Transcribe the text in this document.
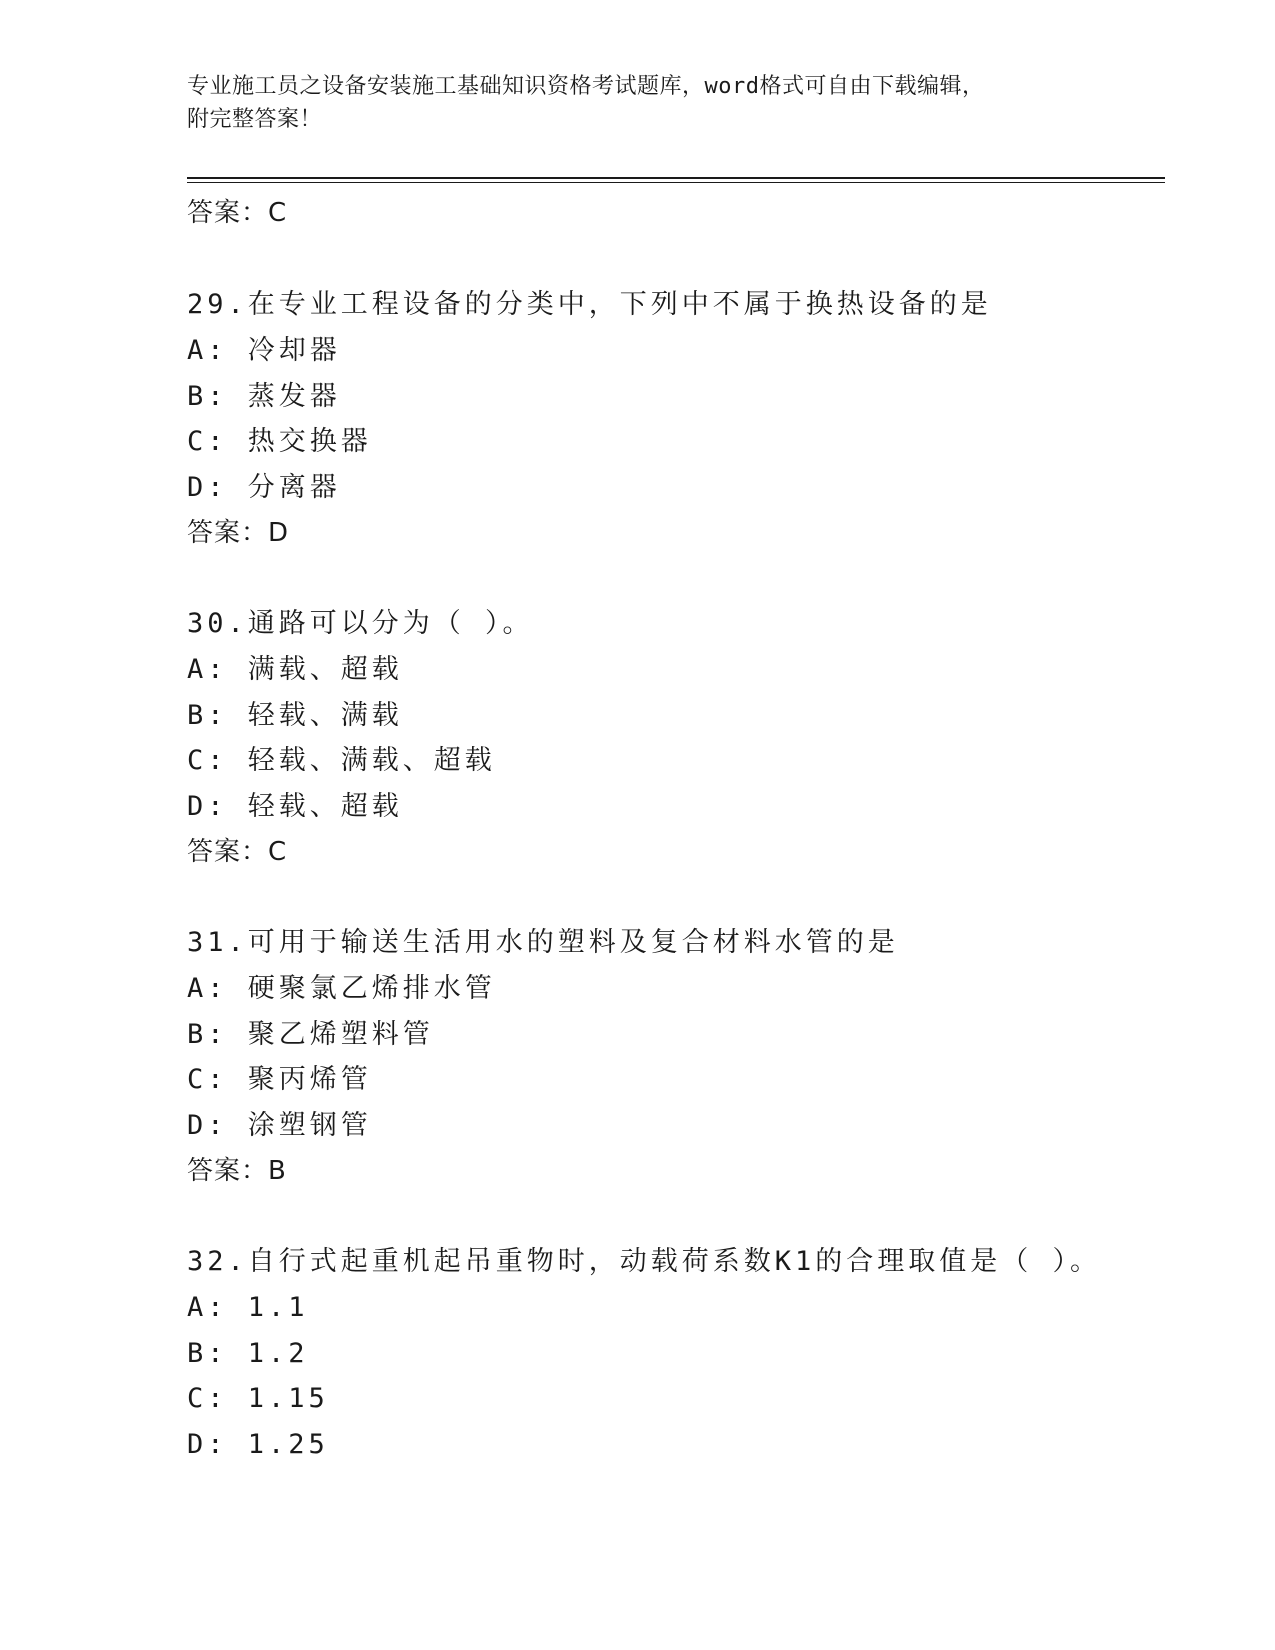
专业施工员之设备安装施工基础知识资格考试题库，word格式可自由下载编辑，
附完整答案！
答案：C
29.在专业工程设备的分类中，下列中不属于换热设备的是
A: 冷却器
B: 蒸发器
C: 热交换器
D: 分离器
答案：D
30.通路可以分为（ ）。
A: 满载、超载
B: 轻载、满载
C: 轻载、满载、超载
D: 轻载、超载
答案：C
31.可用于输送生活用水的塑料及复合材料水管的是
A: 硬聚氯乙烯排水管
B: 聚乙烯塑料管
C: 聚丙烯管
D: 涂塑钢管
答案：B
32.自行式起重机起吊重物时，动载荷系数K1的合理取值是（ ）。
A: 1.1
B: 1.2
C: 1.15
D: 1.25
